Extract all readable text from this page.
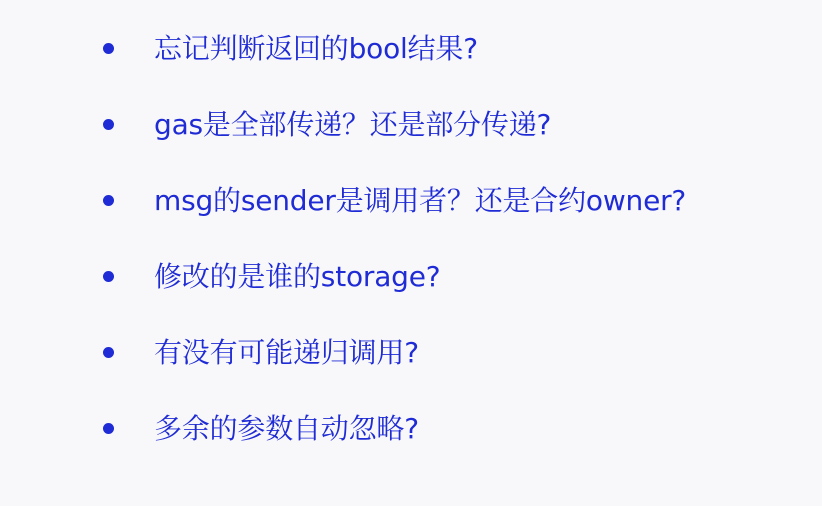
忘记判断返回的bool结果?
gas是全部传递？还是部分传递?
msg的sender是调用者？还是合约owner?
修改的是谁的storage?
有没有可能递归调用?
多余的参数自动忽略?
